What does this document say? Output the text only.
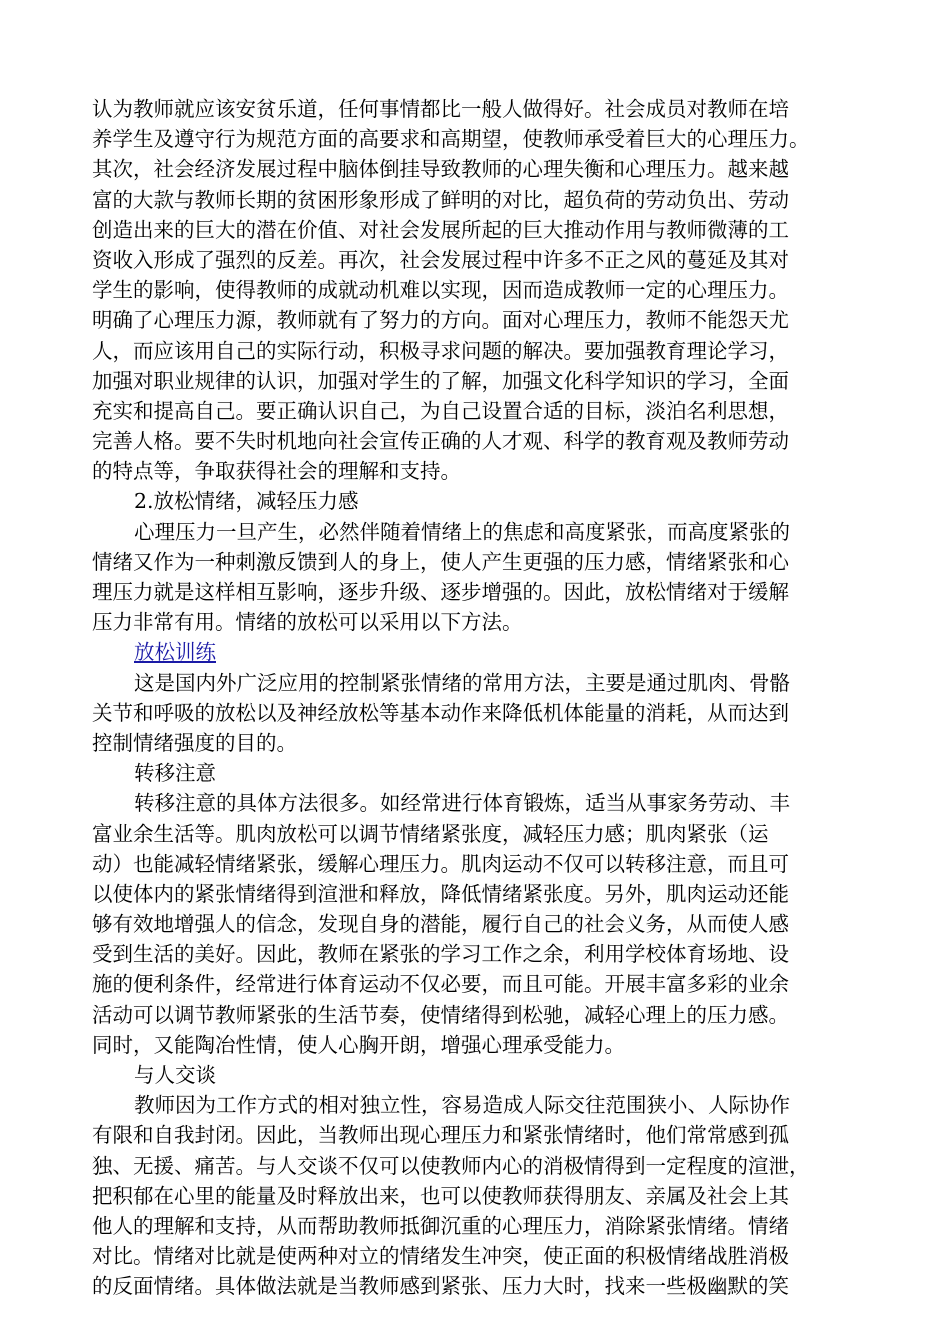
认为教师就应该安贫乐道，任何事情都比一般人做得好。社会成员对教师在培
养学生及遵守行为规范方面的高要求和高期望，使教师承受着巨大的心理压力。
其次，社会经济发展过程中脑体倒挂导致教师的心理失衡和心理压力。越来越
富的大款与教师长期的贫困形象形成了鲜明的对比，超负荷的劳动负出、劳动
创造出来的巨大的潜在价值、对社会发展所起的巨大推动作用与教师微薄的工
资收入形成了强烈的反差。再次，社会发展过程中许多不正之风的蔓延及其对
学生的影响，使得教师的成就动机难以实现，因而造成教师一定的心理压力。
明确了心理压力源，教师就有了努力的方向。面对心理压力，教师不能怨天尤
人，而应该用自己的实际行动，积极寻求问题的解决。要加强教育理论学习，
加强对职业规律的认识，加强对学生的了解，加强文化科学知识的学习，全面
充实和提高自己。要正确认识自己，为自己设置合适的目标，淡泊名利思想，
完善人格。要不失时机地向社会宣传正确的人才观、科学的教育观及教师劳动
的特点等，争取获得社会的理解和支持。
2.放松情绪，减轻压力感
心理压力一旦产生，必然伴随着情绪上的焦虑和高度紧张，而高度紧张的
情绪又作为一种刺激反馈到人的身上，使人产生更强的压力感，情绪紧张和心
理压力就是这样相互影响，逐步升级、逐步增强的。因此，放松情绪对于缓解
压力非常有用。情绪的放松可以采用以下方法。
放松训练
这是国内外广泛应用的控制紧张情绪的常用方法，主要是通过肌肉、骨骼
关节和呼吸的放松以及神经放松等基本动作来降低机体能量的消耗，从而达到
控制情绪强度的目的。
转移注意
转移注意的具体方法很多。如经常进行体育锻炼，适当从事家务劳动、丰
富业余生活等。肌肉放松可以调节情绪紧张度，减轻压力感；肌肉紧张（运
动）也能减轻情绪紧张，缓解心理压力。肌肉运动不仅可以转移注意，而且可
以使体内的紧张情绪得到渲泄和释放，降低情绪紧张度。另外，肌肉运动还能
够有效地增强人的信念，发现自身的潜能，履行自己的社会义务，从而使人感
受到生活的美好。因此，教师在紧张的学习工作之余，利用学校体育场地、设
施的便利条件，经常进行体育运动不仅必要，而且可能。开展丰富多彩的业余
活动可以调节教师紧张的生活节奏，使情绪得到松驰，减轻心理上的压力感。
同时，又能陶冶性情，使人心胸开朗，增强心理承受能力。
与人交谈
教师因为工作方式的相对独立性，容易造成人际交往范围狭小、人际协作
有限和自我封闭。因此，当教师出现心理压力和紧张情绪时，他们常常感到孤
独、无援、痛苦。与人交谈不仅可以使教师内心的消极情得到一定程度的渲泄，
把积郁在心里的能量及时释放出来，也可以使教师获得朋友、亲属及社会上其
他人的理解和支持，从而帮助教师抵御沉重的心理压力，消除紧张情绪。情绪
对比。情绪对比就是使两种对立的情绪发生冲突，使正面的积极情绪战胜消极
的反面情绪。具体做法就是当教师感到紧张、压力大时，找来一些极幽默的笑
